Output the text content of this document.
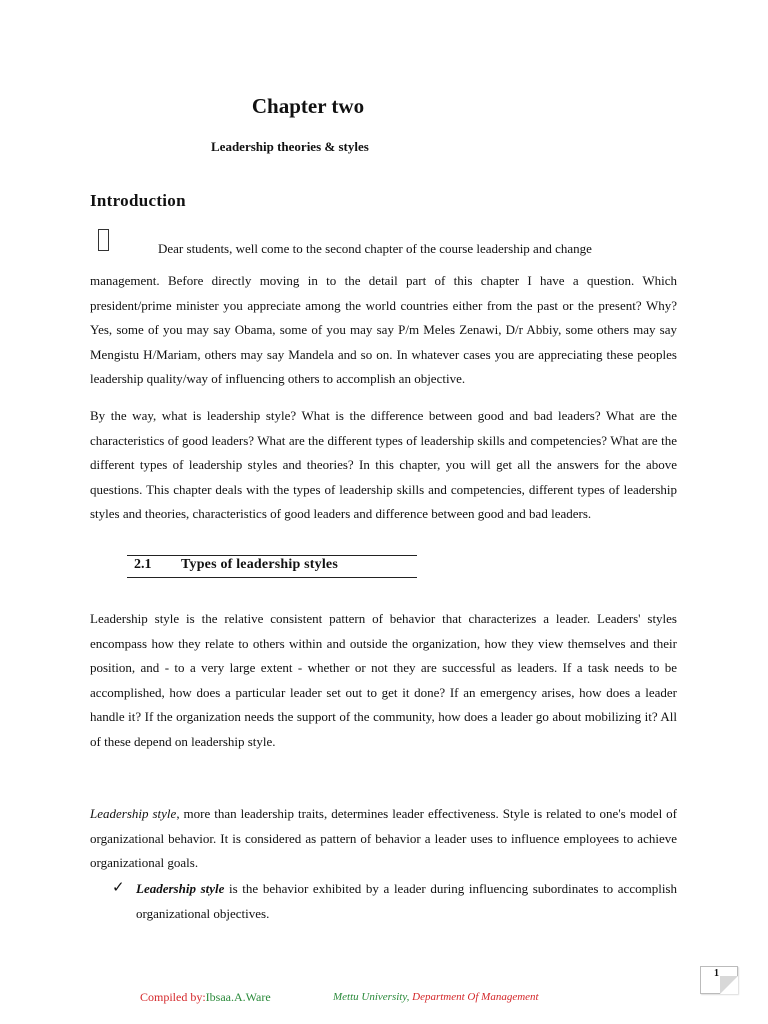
Chapter two
Leadership theories & styles
Introduction

Dear students, well come to the second chapter of the course leadership and change
management. Before directly moving in to the detail part of this chapter I have a question. Which president/prime minister you appreciate among the world countries either from the past or the present? Why? Yes, some of you may say Obama, some of you may say P/m Meles Zenawi, D/r Abbiy, some others may say Mengistu H/Mariam, others may say Mandela and so on. In whatever cases you are appreciating these peoples leadership quality/way of influencing others to accomplish an objective.

By the way, what is leadership style? What is the difference between good and bad leaders? What are the characteristics of good leaders? What are the different types of leadership skills and competencies? What are the different types of leadership styles and theories? In this chapter, you will get all the answers for the above questions. This chapter deals with the types of leadership skills and competencies, different types of leadership styles and theories, characteristics of good leaders and difference between good and bad leaders.

2.1 Types of leadership styles

Leadership style is the relative consistent pattern of behavior that characterizes a leader. Leaders' styles encompass how they relate to others within and outside the organization, how they view themselves and their position, and - to a very large extent - whether or not they are successful as leaders. If a task needs to be accomplished, how does a particular leader set out to get it done? If an emergency arises, how does a leader handle it? If the organization needs the support of the community, how does a leader go about mobilizing it? All of these depend on leadership style.

Leadership style, more than leadership traits, determines leader effectiveness. Style is related to one's model of organizational behavior. It is considered as pattern of behavior a leader uses to influence employees to achieve organizational goals.

✓ Leadership style is the behavior exhibited by a leader during influencing subordinates to accomplish organizational objectives.

1
Compiled by:Ibsaa.A.Ware	Mettu University, Department Of Management
